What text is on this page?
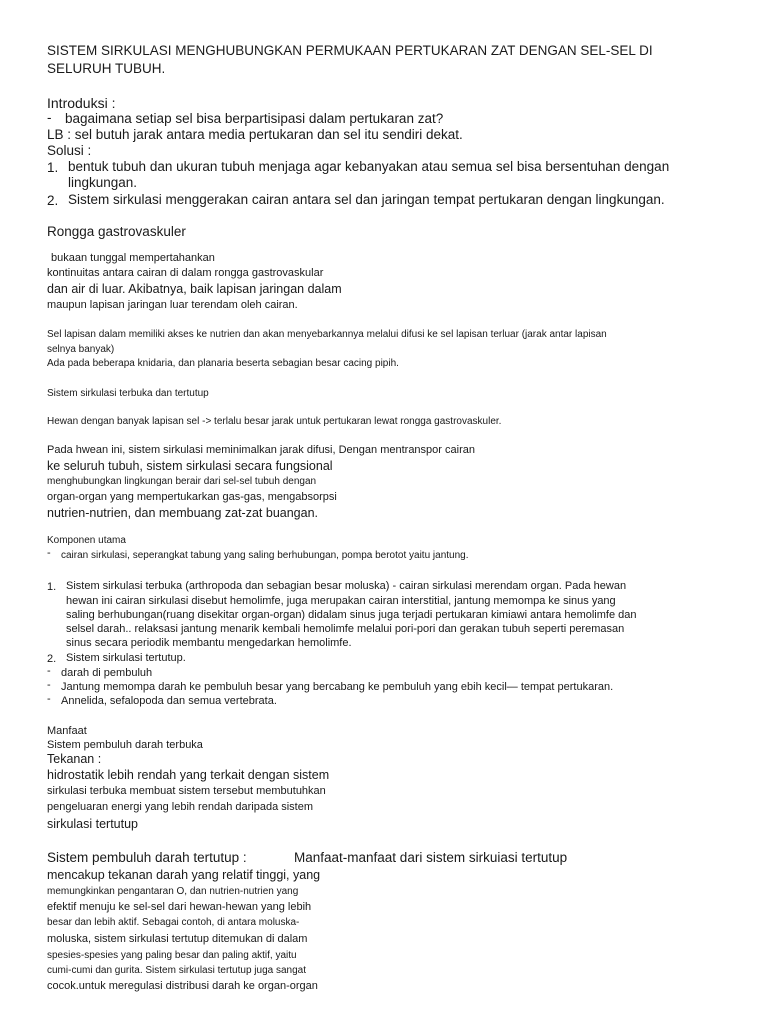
SISTEM SIRKULASI MENGHUBUNGKAN PERMUKAAN PERTUKARAN ZAT DENGAN SEL-SEL DI
SELURUH TUBUH.
Introduksi :
-	bagaimana setiap sel bisa berpartisipasi dalam pertukaran zat?
LB : sel butuh jarak antara media pertukaran dan sel itu sendiri dekat.
Solusi :
1. bentuk tubuh dan ukuran tubuh menjaga agar kebanyakan atau semua sel bisa bersentuhan dengan
lingkungan.
2. Sistem sirkulasi menggerakan cairan antara sel dan jaringan tempat pertukaran dengan lingkungan.
Rongga gastrovaskuler
bukaan tunggal mempertahankan
kontinuitas antara cairan di dalam rongga gastrovaskular
dan air di luar. Akibatnya, baik lapisan jaringan dalam
maupun lapisan jaringan luar terendam oleh cairan.
Sel lapisan dalam memiliki akses ke nutrien dan akan menyebarkannya melalui difusi ke sel lapisan terluar (jarak antar lapisan
selnya banyak)
Ada pada beberapa knidaria, dan planaria beserta sebagian besar cacing pipih.
Sistem sirkulasi terbuka dan tertutup
Hewan dengan banyak lapisan sel -> terlalu besar jarak untuk pertukaran lewat rongga gastrovaskuler.
Pada hwean ini, sistem sirkulasi meminimalkan jarak difusi, Dengan mentranspor cairan
ke seluruh tubuh, sistem sirkulasi secara fungsional
menghubungkan lingkungan berair dari sel-sel tubuh dengan
organ-organ yang mempertukarkan gas-gas, mengabsorpsi
nutrien-nutrien, dan membuang zat-zat buangan.
Komponen utama
-	cairan sirkulasi, seperangkat tabung yang saling berhubungan, pompa berotot yaitu jantung.
1. Sistem sirkulasi terbuka (arthropoda dan sebagian besar moluska) - cairan sirkulasi merendam organ. Pada hewan
hewan ini cairan sirkulasi disebut hemolimfe, juga merupakan cairan interstitial, jantung memompa ke sinus yang
saling berhubungan(ruang disekitar organ-organ) didalam sinus juga terjadi pertukaran kimiawi antara hemolimfe dan
selsel darah.. relaksasi jantung menarik kembali hemolimfe melalui pori-pori dan gerakan tubuh seperti peremasan
sinus secara periodik membantu mengedarkan hemolimfe.
2. Sistem sirkulasi tertutup.
- darah di pembuluh
- Jantung memompa darah ke pembuluh besar yang bercabang ke pembuluh yang ebih kecil— tempat pertukaran.
- Annelida, sefalopoda dan semua vertebrata.
Manfaat
Sistem pembuluh darah terbuka
Tekanan :
hidrostatik lebih rendah yang terkait dengan sistem
sirkulasi terbuka membuat sistem tersebut membutuhkan
pengeluaran energi yang lebih rendah daripada sistem
sirkulasi tertutup
Sistem pembuluh darah tertutup :	Manfaat-manfaat dari sistem sirkuiasi tertutup
mencakup tekanan darah yang relatif tinggi, yang
memungkinkan pengantaran O, dan nutrien-nutrien yang
efektif menuju ke sel-sel dari hewan-hewan yang lebih
besar dan lebih aktif. Sebagai contoh, di antara moluska-
moluska, sistem sirkulasi tertutup ditemukan di dalam
spesies-spesies yang paling besar dan paling aktif, yaitu
cumi-cumi dan gurita. Sistem sirkulasi tertutup juga sangat
cocok.untuk meregulasi distribusi darah ke organ-organ
